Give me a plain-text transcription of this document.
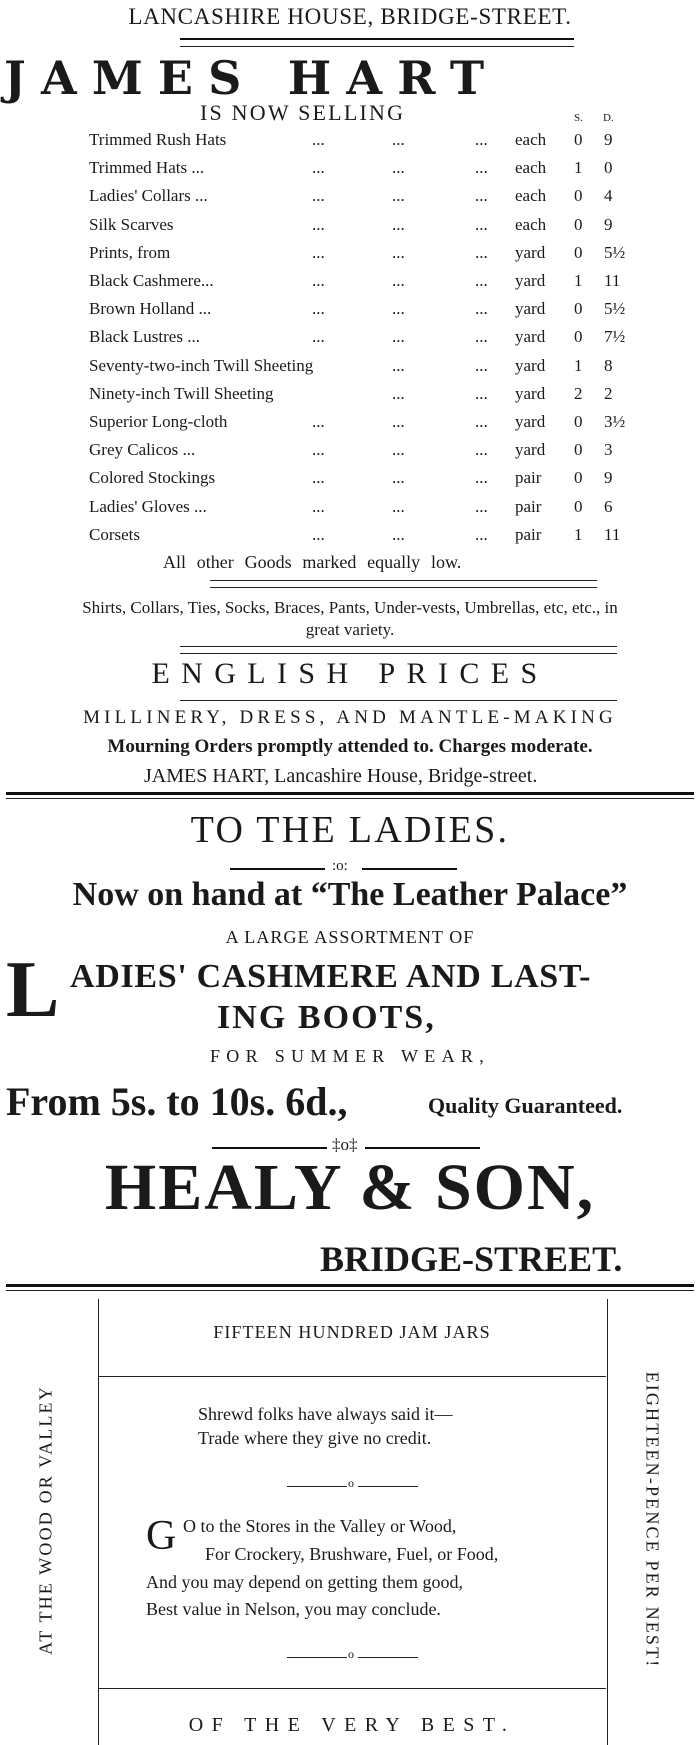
LANCASHIRE HOUSE, BRIDGE-STREET.
JAMES HART
IS NOW SELLING	S. D.
Trimmed Rush Hats	...	...	... each 0 9
Trimmed Hats ...	...	...	... each 1 0
Ladies' Collars ...	...	...	... each 0 4
Silk Scarves	...	...	... each 0 9
Prints, from	...	...	... yard 0 5½
Black Cashmere...	...	...	... yard 1 11
Brown Holland ...	...	...	... yard 0 5½
Black Lustres ...	...	...	... yard 0 7½
Seventy-two-inch Twill Sheeting	...	... yard 1 8
Ninety-inch Twill Sheeting	...	... yard 2 2
Superior Long-cloth	...	...	... yard 0 3½
Grey Calicos ...	...	...	... yard 0 3
Colored Stockings	...	...	... pair 0 9
Ladies' Gloves ...	...	...	... pair 0 6
Corsets	...	...	... pair 1 11
All other Goods marked equally low.
Shirts, Collars, Ties, Socks, Braces, Pants, Under-vests, Umbrellas, etc, etc., in
great variety.
ENGLISH PRICES
MILLINERY, DRESS, AND MANTLE-MAKING
Mourning Orders promptly attended to. Charges moderate.
JAMES HART, Lancashire House, Bridge-street.
TO THE LADIES.
:o:
Now on hand at “The Leather Palace”
A LARGE ASSORTMENT OF
L ADIES' CASHMERE AND LAST-
ING BOOTS,
FOR SUMMER WEAR,
From 5s. to 10s. 6d.,	Quality Guaranteed.
‡o‡
HEALY & SON,
BRIDGE-STREET.
FIFTEEN HUNDRED JAM JARS
Shrewd folks have always said it—
Trade where they give no credit.
o
G O to the Stores in the Valley or Wood,
For Crockery, Brushware, Fuel, or Food,
And you may depend on getting them good,
Best value in Nelson, you may conclude.
o
OF THE VERY BEST.
AT THE WOOD OR VALLEY	EIGHTEEN-PENCE PER NEST!
